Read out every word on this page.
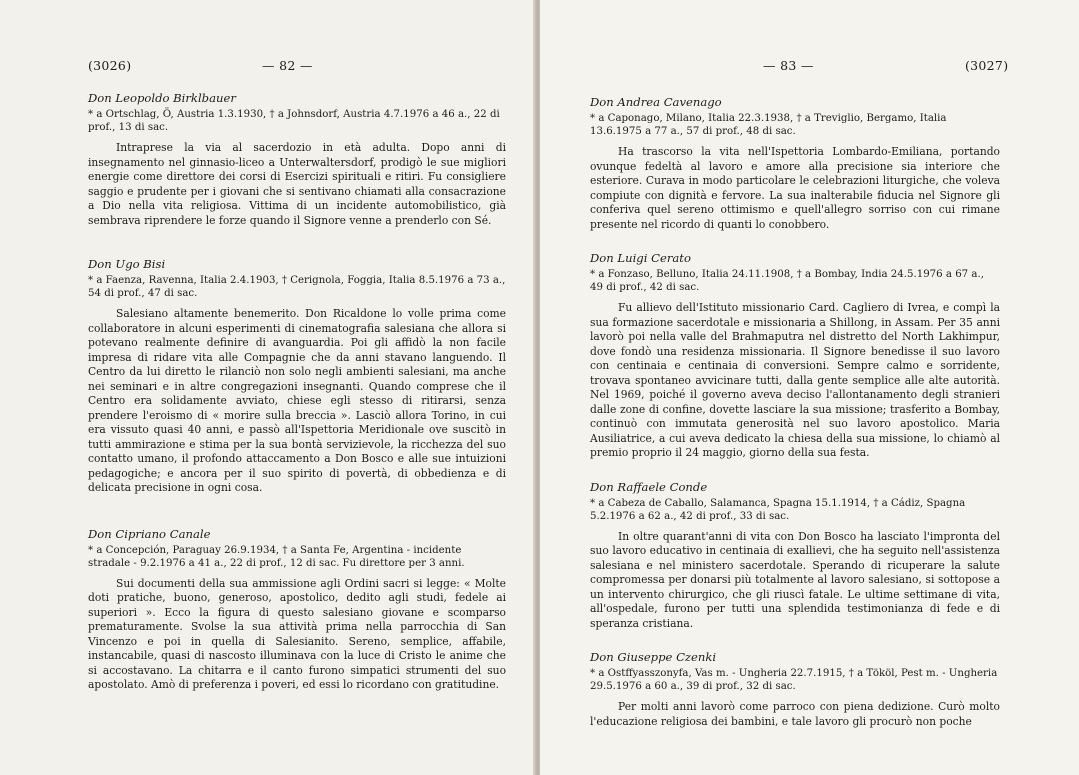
(3026)	— 82 —

Don Leopoldo Birklbauer

* a Ortschlag, Ö, Austria 1.3.1930, † a Johnsdorf, Austria 4.7.1976 a 46 a., 22 di prof., 13 di sac.

Intraprese la via al sacerdozio in età adulta. Dopo anni di insegnamento nel ginnasio-liceo a Unterwaltersdorf, prodigò le sue migliori energie come direttore dei corsi di Esercizi spirituali e ritiri. Fu consigliere saggio e prudente per i giovani che si sentivano chiamati alla consacrazione a Dio nella vita religiosa. Vittima di un incidente automobilistico, già sembrava riprendere le forze quando il Signore venne a prenderlo con Sé.

Don Ugo Bisi

* a Faenza, Ravenna, Italia 2.4.1903, † Cerignola, Foggia, Italia 8.5.1976 a 73 a., 54 di prof., 47 di sac.

Salesiano altamente benemerito. Don Ricaldone lo volle prima come collaboratore in alcuni esperimenti di cinematografia salesiana che allora si potevano realmente definire di avanguardia. Poi gli affidò la non facile impresa di ridare vita alle Compagnie che da anni stavano languendo. Il Centro da lui diretto le rilanciò non solo negli ambienti salesiani, ma anche nei seminari e in altre congregazioni insegnanti. Quando comprese che il Centro era solidamente avviato, chiese egli stesso di ritirarsi, senza prendere l'eroismo di « morire sulla breccia ». Lasciò allora Torino, in cui era vissuto quasi 40 anni, e passò all'Ispettoria Meridionale ove suscitò in tutti ammirazione e stima per la sua bontà servizievole, la ricchezza del suo contatto umano, il profondo attaccamento a Don Bosco e alle sue intuizioni pedagogiche; e ancora per il suo spirito di povertà, di obbedienza e di delicata precisione in ogni cosa.

Don Cipriano Canale

* a Concepción, Paraguay 26.9.1934, † a Santa Fe, Argentina - incidente stradale - 9.2.1976 a 41 a., 22 di prof., 12 di sac. Fu direttore per 3 anni.

Sui documenti della sua ammissione agli Ordini sacri si legge: « Molte doti pratiche, buono, generoso, apostolico, dedito agli studi, fedele ai superiori ». Ecco la figura di questo salesiano giovane e scomparso prematuramente. Svolse la sua attività prima nella parrocchia di San Vincenzo e poi in quella di Salesianito. Sereno, semplice, affabile, instancabile, quasi di nascosto illuminava con la luce di Cristo le anime che si accostavano. La chitarra e il canto furono simpatici strumenti del suo apostolato. Amò di preferenza i poveri, ed essi lo ricordano con gratitudine.

— 83 —	(3027)

Don Andrea Cavenago

* a Caponago, Milano, Italia 22.3.1938, † a Treviglio, Bergamo, Italia 13.6.1975 a 77 a., 57 di prof., 48 di sac.

Ha trascorso la vita nell'Ispettoria Lombardo-Emiliana, portando ovunque fedeltà al lavoro e amore alla precisione sia interiore che esteriore. Curava in modo particolare le celebrazioni liturgiche, che voleva compiute con dignità e fervore. La sua inalterabile fiducia nel Signore gli conferiva quel sereno ottimismo e quell'allegro sorriso con cui rimane presente nel ricordo di quanti lo conobbero.

Don Luigi Cerato

* a Fonzaso, Belluno, Italia 24.11.1908, † a Bombay, India 24.5.1976 a 67 a., 49 di prof., 42 di sac.

Fu allievo dell'Istituto missionario Card. Cagliero di Ivrea, e compì la sua formazione sacerdotale e missionaria a Shillong, in Assam. Per 35 anni lavorò poi nella valle del Brahmaputra nel distretto del North Lakhimpur, dove fondò una residenza missionaria. Il Signore benedisse il suo lavoro con centinaia e centinaia di conversioni. Sempre calmo e sorridente, trovava spontaneo avvicinare tutti, dalla gente semplice alle alte autorità. Nel 1969, poiché il governo aveva deciso l'allontanamento degli stranieri dalle zone di confine, dovette lasciare la sua missione; trasferito a Bombay, continuò con immutata generosità nel suo lavoro apostolico. Maria Ausiliatrice, a cui aveva dedicato la chiesa della sua missione, lo chiamò al premio proprio il 24 maggio, giorno della sua festa.

Don Raffaele Conde

* a Cabeza de Caballo, Salamanca, Spagna 15.1.1914, † a Cádiz, Spagna 5.2.1976 a 62 a., 42 di prof., 33 di sac.

In oltre quarant'anni di vita con Don Bosco ha lasciato l'impronta del suo lavoro educativo in centinaia di exallievi, che ha seguito nell'assistenza salesiana e nel ministero sacerdotale. Sperando di ricuperare la salute compromessa per donarsi più totalmente al lavoro salesiano, si sottopose a un intervento chirurgico, che gli riuscì fatale. Le ultime settimane di vita, all'ospedale, furono per tutti una splendida testimonianza di fede e di speranza cristiana.

Don Giuseppe Czenki

* a Ostffyasszonyfa, Vas m. - Ungheria 22.7.1915, † a Tököl, Pest m. - Ungheria 29.5.1976 a 60 a., 39 di prof., 32 di sac.

Per molti anni lavorò come parroco con piena dedizione. Curò molto l'educazione religiosa dei bambini, e tale lavoro gli procurò non poche
